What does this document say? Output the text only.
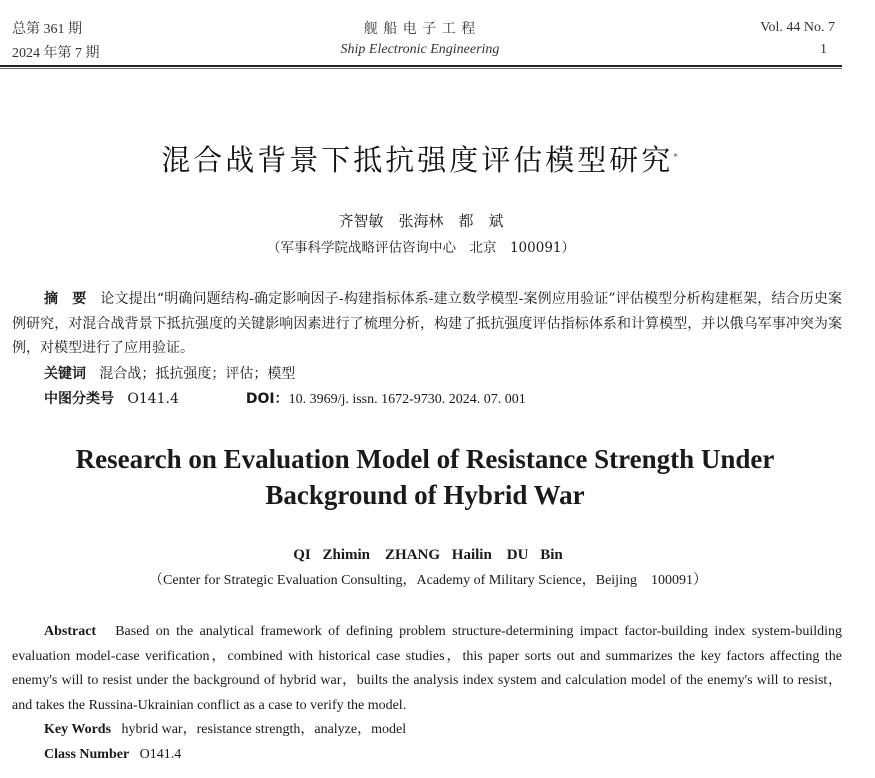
总第 361 期
2024 年第 7 期
舰 船 电 子 工 程
Ship Electronic Engineering
Vol. 44 No. 7
1
混合战背景下抵抗强度评估模型研究*
齐智敏　张海林　都　斌
（军事科学院战略评估咨询中心　北京　100091）
摘　要 论文提出“明确问题结构-确定影响因子-构建指标体系-建立数学模型-案例应用验证”评估模型分析构建框架，结合历史案例研究，对混合战背景下抵抗强度的关键影响因素进行了梳理分析，构建了抵抗强度评估指标体系和计算模型，并以俄乌军事冲突为案例，对模型进行了应用验证。
关键词 混合战；抵抗强度；评估；模型
中图分类号 O141.4	DOI：10. 3969/j. issn. 1672-9730. 2024. 07. 001
Research on Evaluation Model of Resistance Strength Under
Background of Hybrid War
QI Zhimin　ZHANG Hailin　DU Bin
（Center for Strategic Evaluation Consulting，Academy of Military Science，Beijing　100091）
Abstract Based on the analytical framework of defining problem structure-determining impact factor-building index system-building evaluation model-case verification，combined with historical case studies，this paper sorts out and summarizes the key factors affecting the enemy's will to resist under the background of hybrid war，builts the analysis index system and calculation model of the enemy's will to resist，and takes the Russina-Ukrainian conflict as a case to verify the model.
Key Words hybrid war，resistance strength，analyze，model
Class Number O141.4
